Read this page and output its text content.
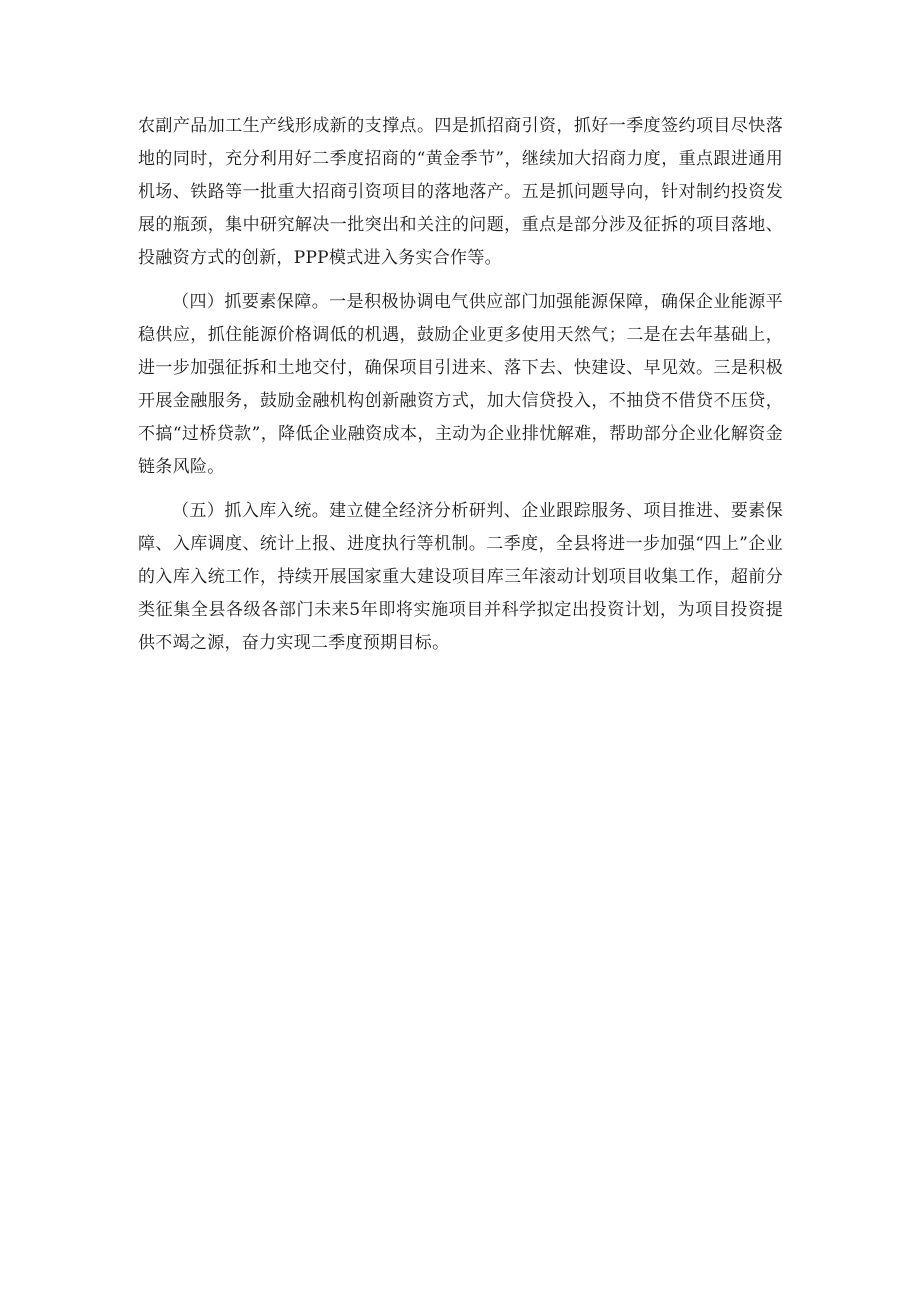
农副产品加工生产线形成新的支撑点。四是抓招商引资，抓好一季度签约项目尽快落地的同时，充分利用好二季度招商的“黄金季节”，继续加大招商力度，重点跟进通用机场、铁路等一批重大招商引资项目的落地落产。五是抓问题导向，针对制约投资发展的瓶颈，集中研究解决一批突出和关注的问题，重点是部分涉及征拆的项目落地、投融资方式的创新，PPP模式进入务实合作等。

（四）抓要素保障。一是积极协调电气供应部门加强能源保障，确保企业能源平稳供应，抓住能源价格调低的机遇，鼓励企业更多使用天然气；二是在去年基础上，进一步加强征拆和土地交付，确保项目引进来、落下去、快建设、早见效。三是积极开展金融服务，鼓励金融机构创新融资方式，加大信贷投入，不抽贷不借贷不压贷，不搞“过桥贷款”，降低企业融资成本，主动为企业排忧解难，帮助部分企业化解资金链条风险。

（五）抓入库入统。建立健全经济分析研判、企业跟踪服务、项目推进、要素保障、入库调度、统计上报、进度执行等机制。二季度，全县将进一步加强“四上”企业的入库入统工作，持续开展国家重大建设项目库三年滚动计划项目收集工作，超前分类征集全县各级各部门未来5年即将实施项目并科学拟定出投资计划，为项目投资提供不竭之源，奋力实现二季度预期目标。
